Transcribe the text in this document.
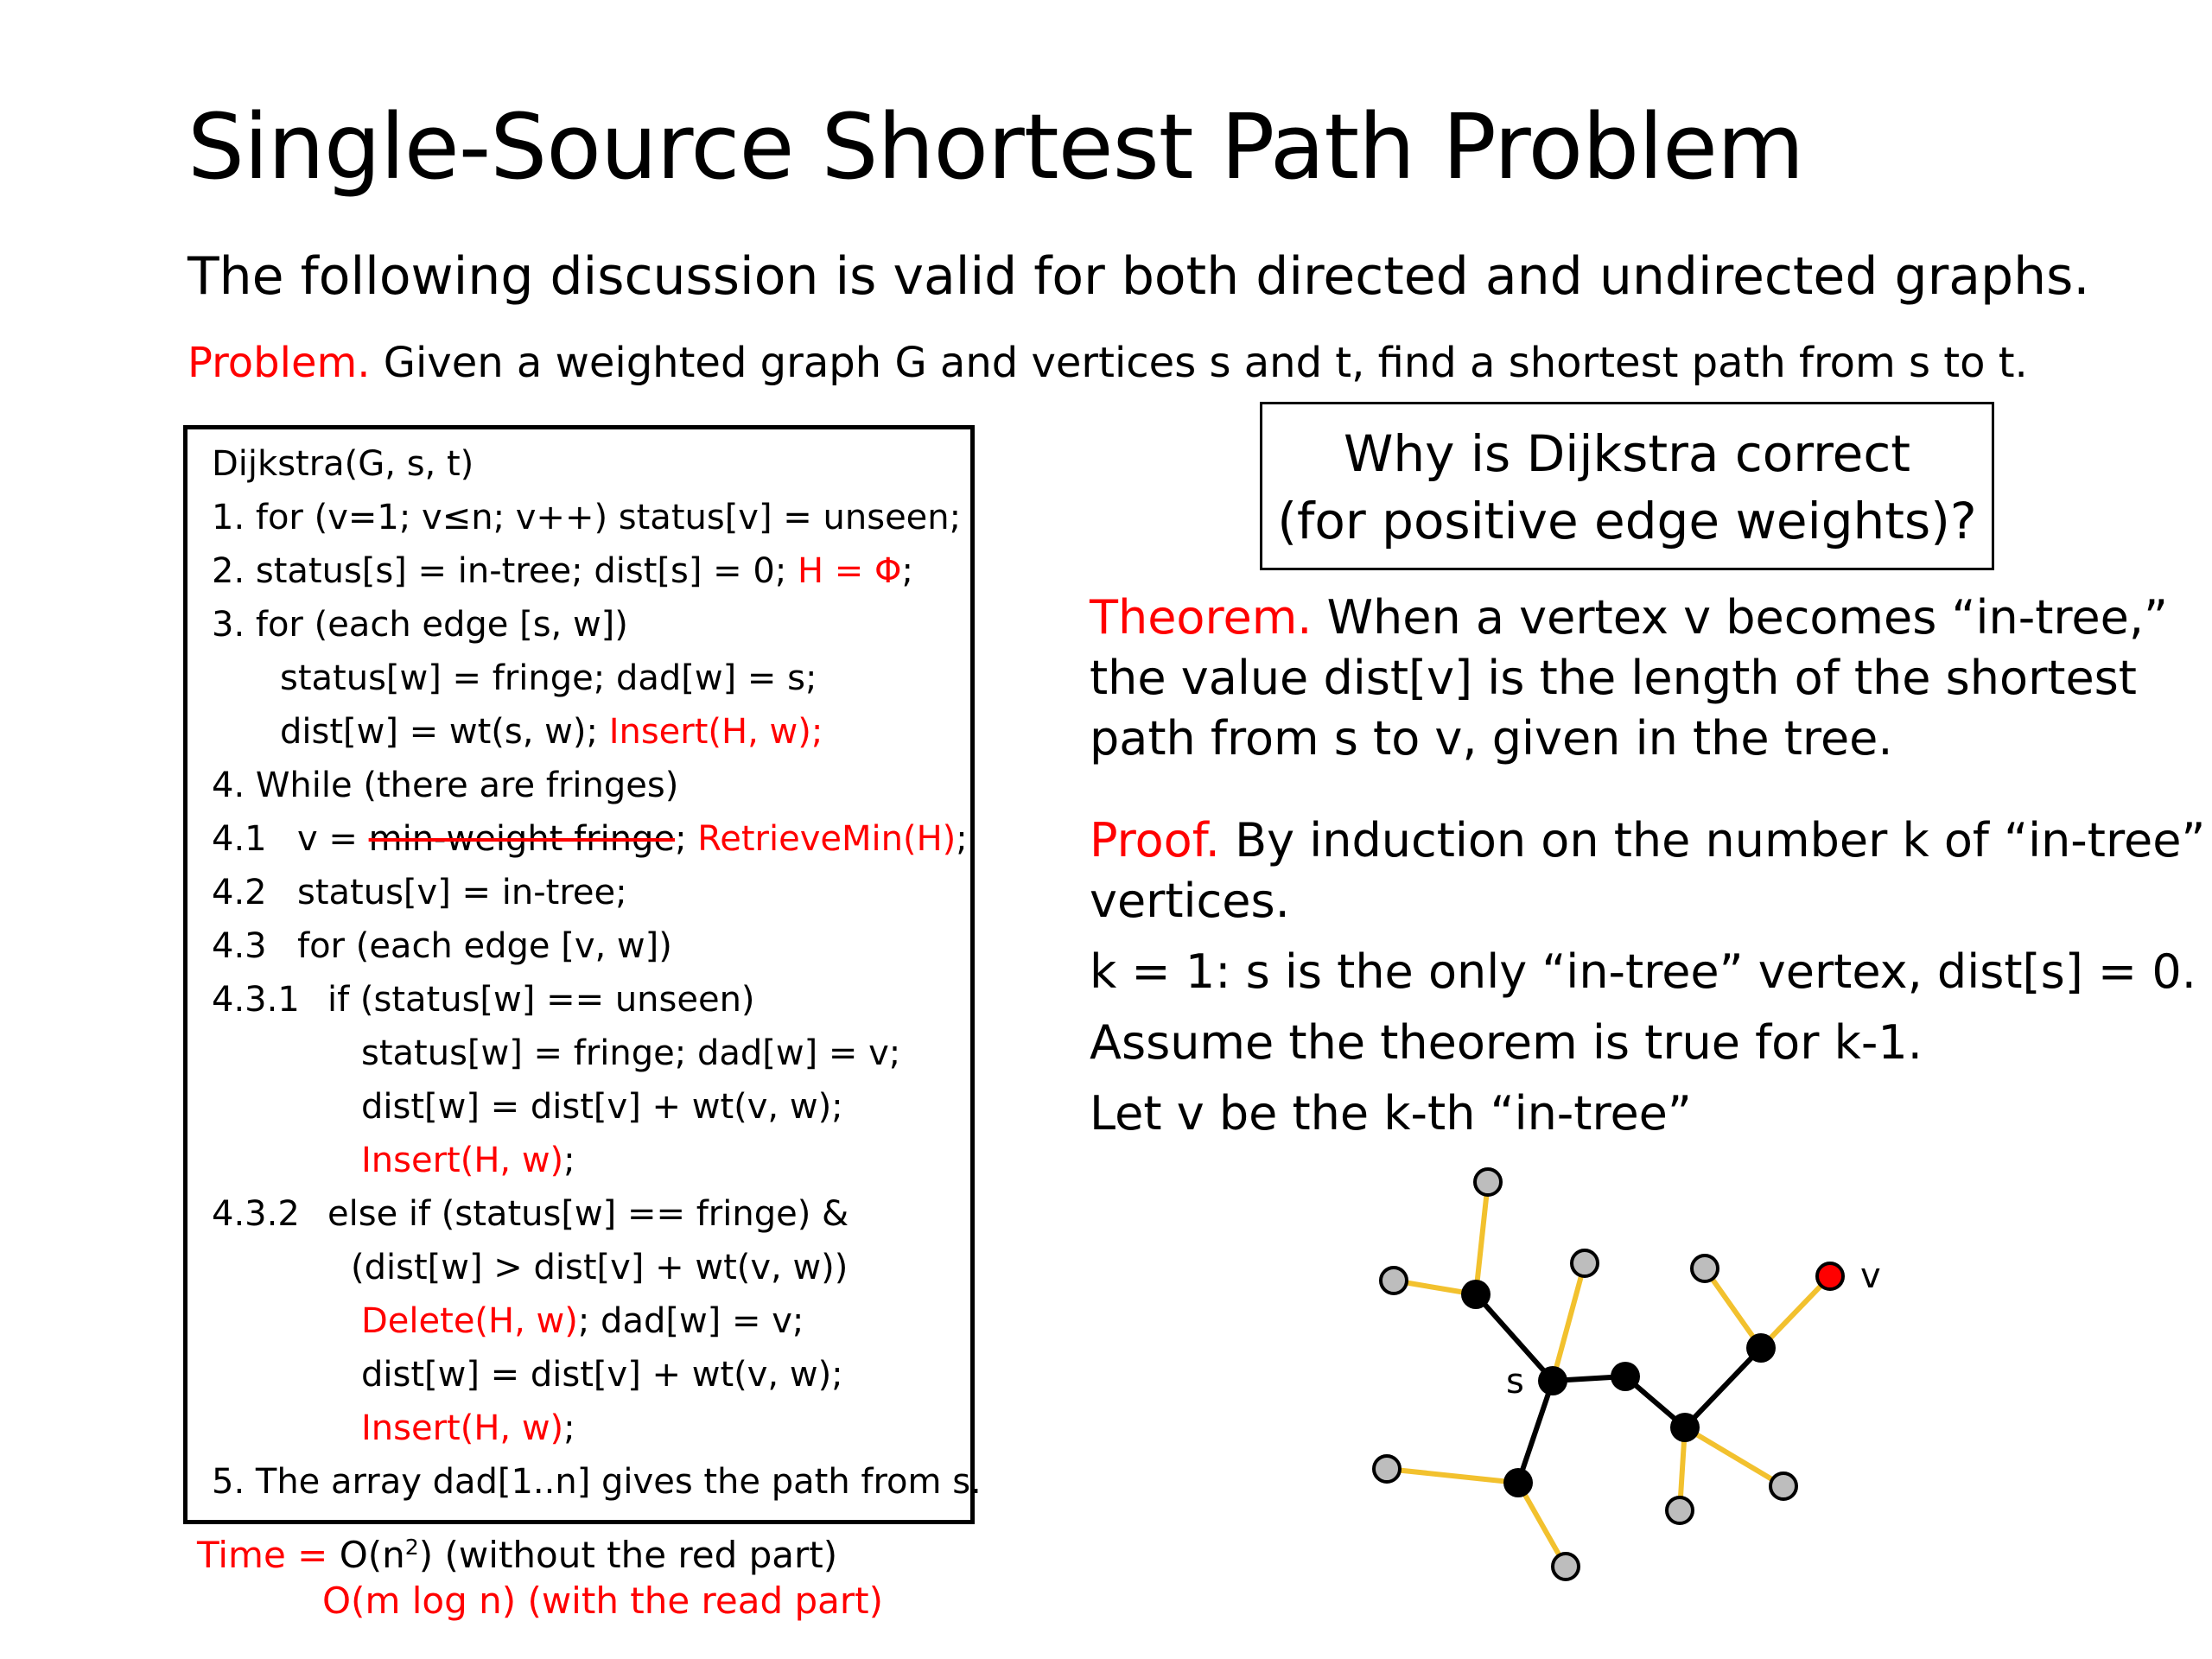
Single-Source Shortest Path Problem
The following discussion is valid for both directed and undirected graphs.
Problem. Given a weighted graph G and vertices s and t, find a shortest path from s to t.
Dijkstra(G, s, t)
1. for (v=1; v≤n; v++) status[v] = unseen;
2. status[s] = in-tree; dist[s] = 0; H = Φ;
3. for (each edge [s, w])
status[w] = fringe; dad[w] = s;
dist[w] = wt(s, w); Insert(H, w);
4. While (there are fringes)
4.1 v = min-weight fringe; RetrieveMin(H);
4.2 status[v] = in-tree;
4.3 for (each edge [v, w])
4.3.1 if (status[w] == unseen)
status[w] = fringe; dad[w] = v;
dist[w] = dist[v] + wt(v, w);
Insert(H, w);
4.3.2 else if (status[w] == fringe) &
(dist[w] > dist[v] + wt(v, w))
Delete(H, w); dad[w] = v;
dist[w] = dist[v] + wt(v, w);
Insert(H, w);
5. The array dad[1..n] gives the path from s.
Time = $O(n^2)$ (without the red part)
O(m log n) (with the read part)
Why is Dijkstra correct
(for positive edge weights)?
Theorem. When a vertex v becomes “in-tree,”
the value dist[v] is the length of the shortest
path from s to v, given in the tree.
Proof. By induction on the number k of “in-tree”
vertices.
k = 1: s is the only “in-tree” vertex, dist[s] = 0.
Assume the theorem is true for k-1.
Let v be the k-th “in-tree”
s
v
